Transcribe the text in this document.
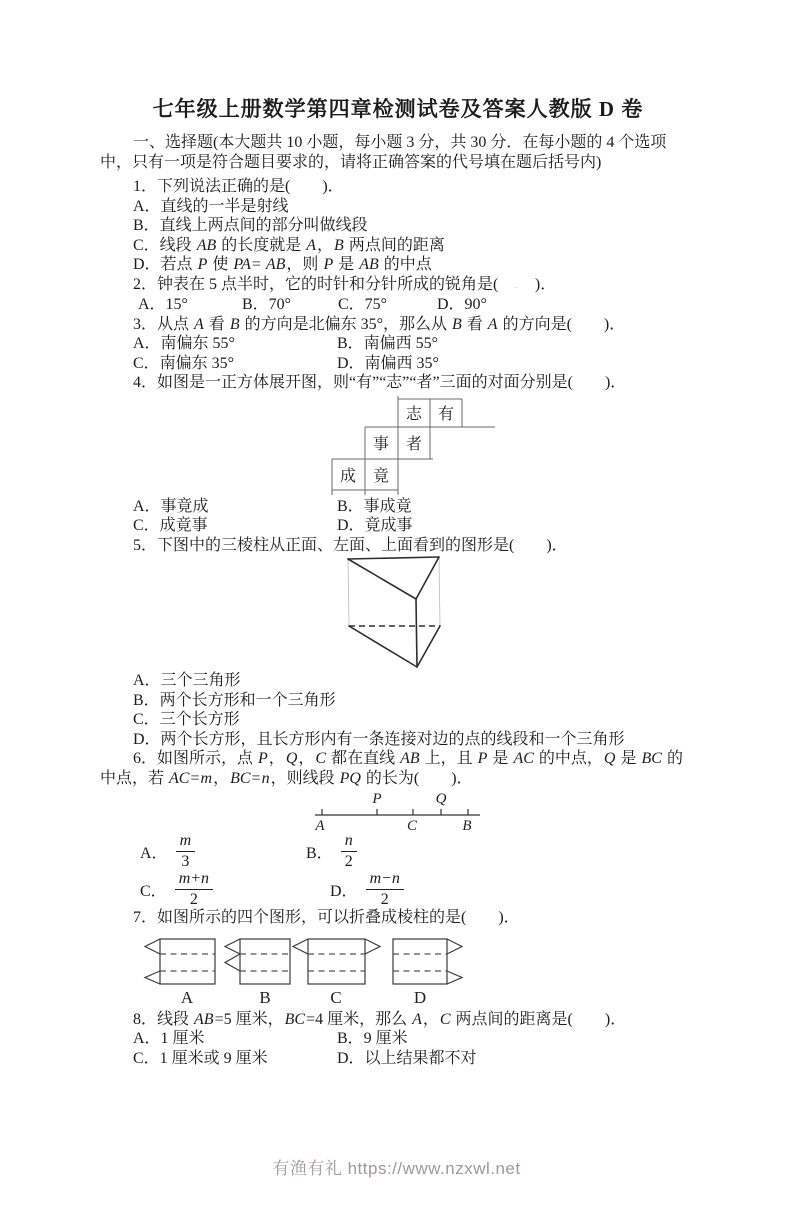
七年级上册数学第四章检测试卷及答案人教版 D 卷

一、选择题(本大题共 10 小题，每小题 3 分，共 30 分．在每小题的 4 个选项中，只有一项是符合题目要求的，请将正确答案的代号填在题后括号内)

1．下列说法正确的是(　　)．

A．直线的一半是射线

B．直线上两点间的部分叫做线段

C．线段 AB 的长度就是 A，B 两点间的距离

D．若点 P 使 PA= AB，则 P 是 AB 的中点

2．钟表在 5 点半时，它的时针和分针所成的锐角是(　．　)．

A．15°	B．70°	C．75°	D．90°

3．从点 A 看 B 的方向是北偏东 35°，那么从 B 看 A 的方向是(　　)．

A．南偏东 55°	B．南偏西 55°

C．南偏东 35°	D．南偏西 35°

4．如图是一正方体展开图，则“有”“志”“者”三面的对面分别是(　　)．

志 有
事 者
成 竟

A．事竟成	B．事成竟

C．成竟事	D．竟成事

5．下图中的三棱柱从正面、左面、上面看到的图形是(　　)．

A．三个三角形

B．两个长方形和一个三角形

C．三个长方形

D．两个长方形，且长方形内有一条连接对边的点的线段和一个三角形

6．如图所示，点 P，Q，C 都在直线 AB 上，且 P 是 AC 的中点，Q 是 BC 的中点，若 AC=m，BC=n，则线段 PQ 的长为(　　)．

P	Q
A	C	B
A． $\frac{m}{3}$	B． $\frac{n}{2}$
C． $\frac{m+n}{2}$	D． $\frac{m-n}{2}$

7．如图所示的四个图形，可以折叠成棱柱的是(　　)．

A	B	C	D

8．线段 AB=5 厘米，BC=4 厘米，那么 A，C 两点间的距离是(　　)．

A．1 厘米	B．9 厘米

C．1 厘米或 9 厘米	D．以上结果都不对

有渔有礼 https://www.nzxwl.net
